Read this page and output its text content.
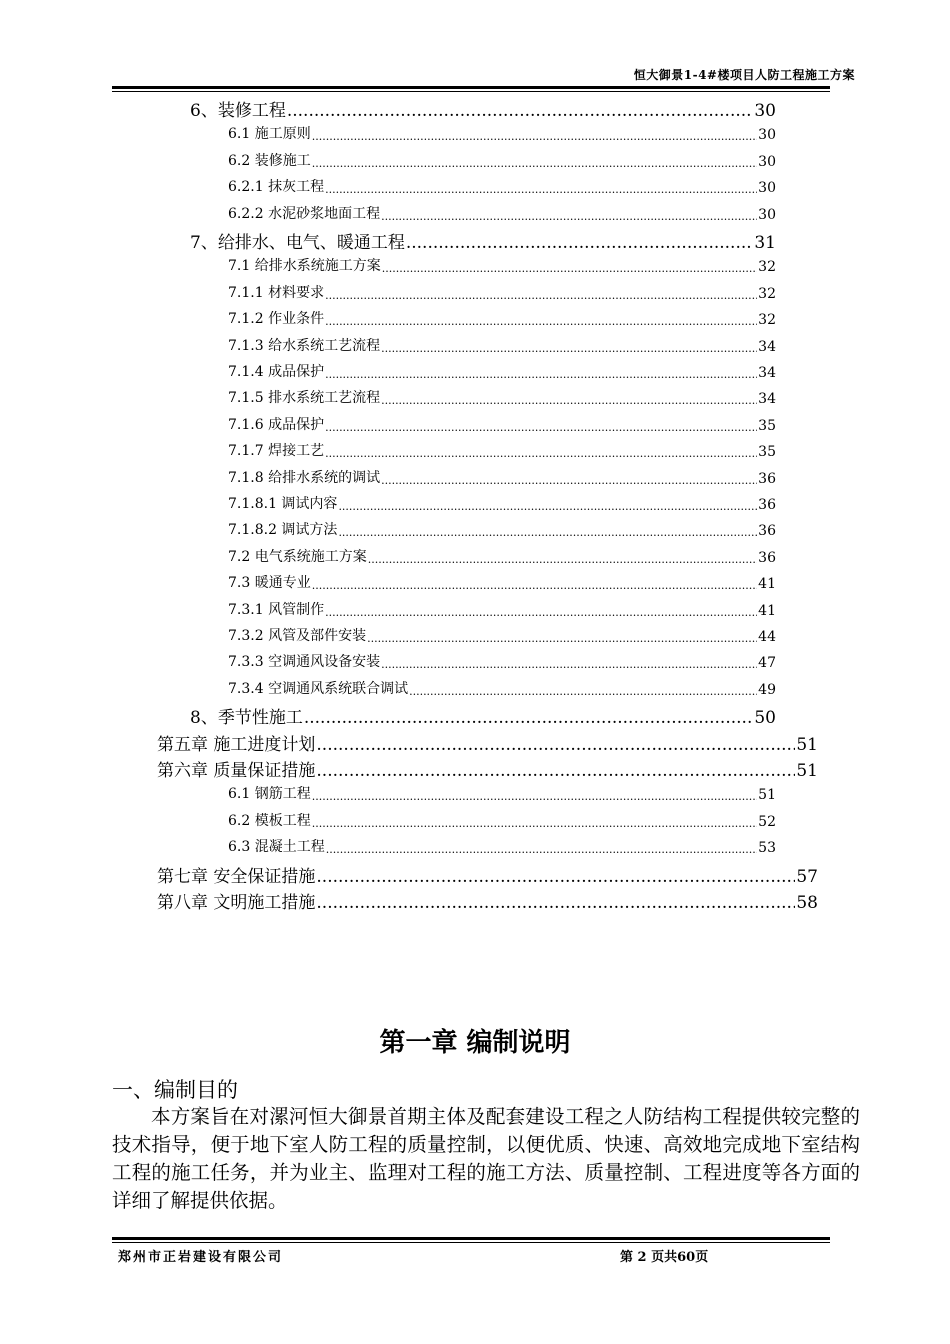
恒大御景1-4#楼项目人防工程施工方案
6、装修工程 .....	30
6.1 施工原则 .....	30
6.2 装修施工 .....	30
6.2.1 抹灰工程 .....	30
6.2.2 水泥砂浆地面工程 .....	30
7、给排水、电气、暖通工程 .....	31
7.1 给排水系统施工方案 .....	32
7.1.1 材料要求 .....	32
7.1.2 作业条件 .....	32
7.1.3 给水系统工艺流程 .....	34
7.1.4 成品保护 .....	34
7.1.5 排水系统工艺流程 .....	34
7.1.6 成品保护 .....	35
7.1.7 焊接工艺 .....	35
7.1.8 给排水系统的调试 .....	36
7.1.8.1 调试内容 .....	36
7.1.8.2 调试方法 .....	36
7.2 电气系统施工方案 .....	36
7.3 暖通专业 .....	41
7.3.1 风管制作 .....	41
7.3.2 风管及部件安装 .....	44
7.3.3 空调通风设备安装 .....	47
7.3.4 空调通风系统联合调试 .....	49
8、季节性施工 .....	50
第五章 施工进度计划 .....	51
第六章 质量保证措施 .....	51
6.1 钢筋工程 .....	51
6.2 模板工程 .....	52
6.3 混凝土工程 .....	53
第七章 安全保证措施 .....	57
第八章 文明施工措施 .....	58
第一章 编制说明
一、编制目的
本方案旨在对漯河恒大御景首期主体及配套建设工程之人防结构工程提供较完整的技术指导，便于地下室人防工程的质量控制，以便优质、快速、高效地完成地下室结构工程的施工任务，并为业主、监理对工程的施工方法、质量控制、工程进度等各方面的详细了解提供依据。
郑州市正岩建设有限公司	第 2 页共60页
